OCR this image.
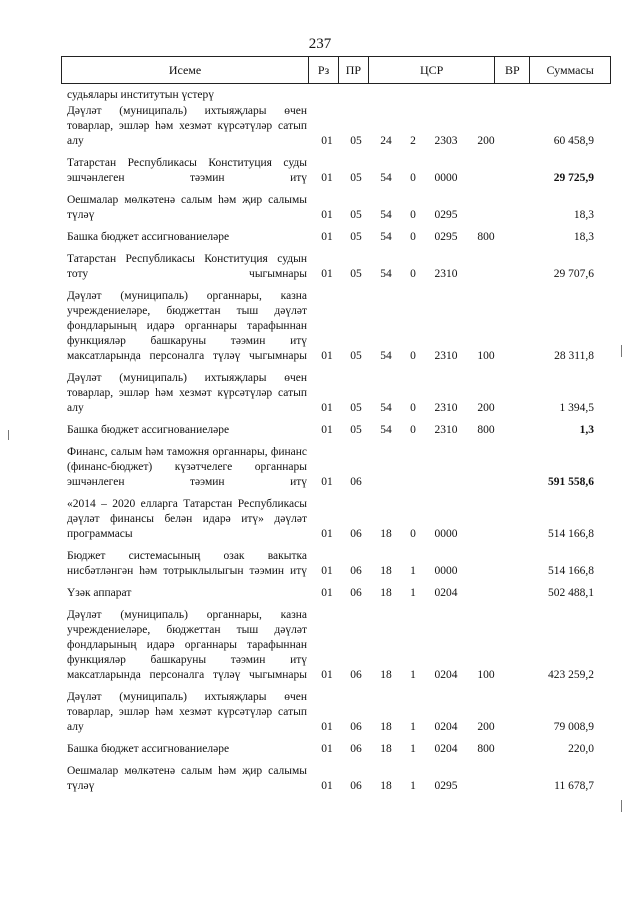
237
Исеме	Рз	ПР	ЦСР	ВР	Суммасы
судьялары институтын үстерү
Дәүләт (муниципаль) ихтыяҗлары өчен товарлар, эшләр һәм хезмәт күрсәтүләр сатып алу	01	05	24	2	2303	200	60 458,9
Татарстан Республикасы Конституция суды эшчәнлеген тәэмин итү	01	05	54	0	0000	29 725,9
Оешмалар мөлкәтенә салым һәм җир салымы түләү	01	05	54	0	0295	18,3
Башка бюджет ассигнованиеләре	01	05	54	0	0295	800	18,3
Татарстан Республикасы Конституция судын тоту чыгымнары	01	05	54	0	2310	29 707,6
Дәүләт (муниципаль) органнары, казна учреждениеләре, бюджеттан тыш дәүләт фондларының идарә органнары тарафыннан функцияләр башкаруны тәэмин итү максатларында персоналга түләү чыгымнары	01	05	54	0	2310	100	28 311,8
Дәүләт (муниципаль) ихтыяҗлары өчен товарлар, эшләр һәм хезмәт күрсәтүләр сатып алу	01	05	54	0	2310	200	1 394,5
Башка бюджет ассигнованиеләре	01	05	54	0	2310	800	1,3
Финанс, салым һәм таможня органнары, финанс (финанс-бюджет) күзәтчелеге органнары эшчәнлеген тәэмин итү	01	06	591 558,6
«2014 – 2020 елларга Татарстан Республикасы дәүләт финансы белән идарә итү» дәүләт программасы	01	06	18	0	0000	514 166,8
Бюджет системасының озак вакытка нисбәтләнгән һәм тотрыклылыгын тәэмин итү	01	06	18	1	0000	514 166,8
Үзәк аппарат	01	06	18	1	0204	502 488,1
Дәүләт (муниципаль) органнары, казна учреждениеләре, бюджеттан тыш дәүләт фондларының идарә органнары тарафыннан функцияләр башкаруны тәэмин итү максатларында персоналга түләү чыгымнары	01	06	18	1	0204	100	423 259,2
Дәүләт (муниципаль) ихтыяҗлары өчен товарлар, эшләр һәм хезмәт күрсәтүләр сатып алу	01	06	18	1	0204	200	79 008,9
Башка бюджет ассигнованиеләре	01	06	18	1	0204	800	220,0
Оешмалар мөлкәтенә салым һәм җир салымы түләү	01	06	18	1	0295	11 678,7
